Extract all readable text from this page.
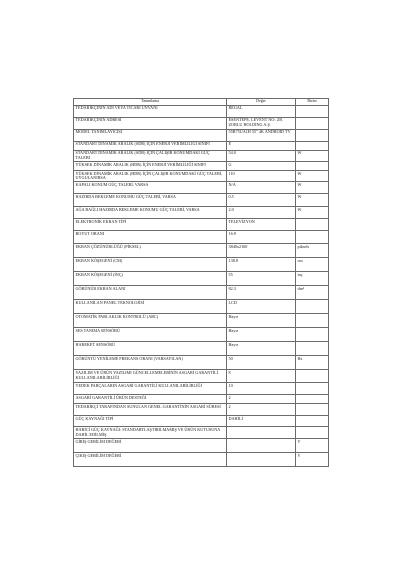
Tanımlama	Değer	Birim
TEDARİKÇİNİN ADI VEYA TİCARİ UNVANI	REGAL	
TEDARİKÇİNİN ADRESİ	ESENTEPE, LEVENT NO: 201 ZORLU HOLDİNG A.Ş.	
MODEL TANIMLAYICISI	55R75UA1H 55" 4K ANDROID TV	
STANDART DİNAMİK ARALIK (SDR) İÇİN ENERJİ VERİMLİLİĞİ SINIFI	E	
STANDART DİNAMİK ARALIK (SDR) İÇİN ÇALIŞIR KONUMDAKİ GÜÇ TALEBİ	54.0	W
YÜKSEK DİNAMİK ARALIK (HDR) İÇİN ENERJİ VERİMLİLİĞİ SINIFI	G	
YÜKSEK DİNAMİK ARALIK (HDR) İÇİN ÇALIŞIR KONUMDAKİ GÜÇ TALEBİ, UYGULANIRSA	110	W
KAPALI KONUM GÜÇ TALEBİ, VARSA	N/A	W
HAZIRDA BEKLEME KONUMU GÜÇ TALEBİ, VARSA	0.5	W
AĞA BAĞLI HAZIRDA BEKLEME KONUMU GÜÇ TALEBİ, VARSA	2.0	W
ELEKTRONİK EKRAN TİPİ	TELEVİZYON	
BOYUT ORANI	16:9	
EKRAN ÇÖZÜNÜRLÜĞÜ (PİKSEL)	3840x2160	piksels
EKRAN KÖŞEGENİ (CM)	138.8	cm
EKRAN KÖŞEGENİ (İNÇ)	55	inç
GÖRÜNÜR EKRAN ALANI	82.3	dm²
KULLANILAN PANEL TEKNOLOJİSİ	LCD	
OTOMATİK PARLAKLIK KONTROLÜ (ABC)	Hayır	
SES TANIMA SENSÖRÜ	Hayır	
HAREKET SENSÖRÜ	Hayır	
GÖRÜNTÜ YENİLEME FREKANS ORANI (VARSAYILAN)	50	Hz
YAZILIM VE ÜRÜN YAZILIMI GÜNCELLEMELERİNİN ASGARİ GARANTİLİ KULLANILABİLİRLİĞİ	8	
YEDEK PARÇALARIN ASGARİ GARANTİLİ KULLANILABİLİRLİĞİ	10	
ASGARİ GARANTİLİ ÜRÜN DESTEĞİ	2	
TEDARİKÇİ TARAFINDAN SUNULAN GENEL GARANTİNİN ASGARİ SÜRESİ	2	
GÜÇ KAYNAĞI TİPİ	DAHİLİ	
HARİCİ GÜÇ KAYNAĞI: STANDARTLAŞTIRILMAMIŞ VE ÜRÜN KUTUSUNA DAHİL EDİLMİŞ		
GİRİŞ GERİLİM DEĞERİ		V
ÇIKIŞ GERİLİM DEĞERİ		V
